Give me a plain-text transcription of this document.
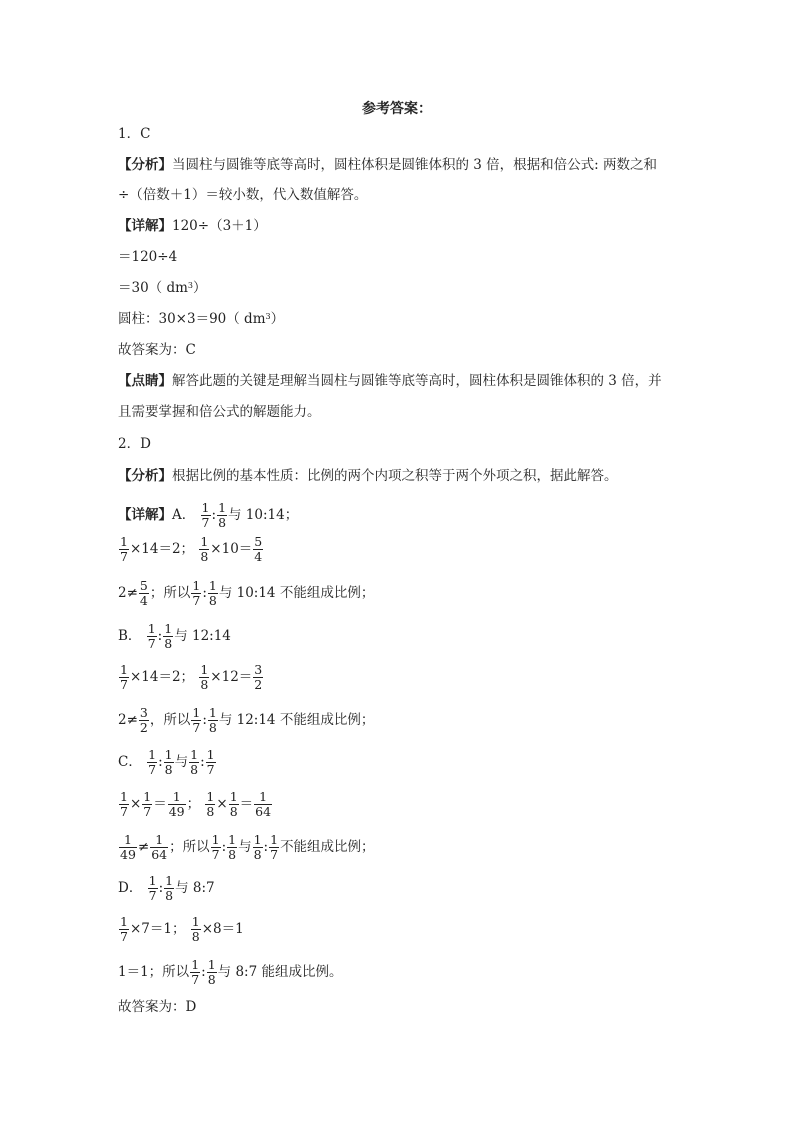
参考答案：
1．C
【分析】当圆柱与圆锥等底等高时，圆柱体积是圆锥体积的 3 倍，根据和倍公式: 两数之和
÷（倍数＋1）＝较小数，代入数值解答。
【详解】120÷（3＋1）
＝120÷4
＝30（ $dm^3$）
圆柱：30×3＝90（ $dm^3$）
故答案为：C
【点睛】解答此题的关键是理解当圆柱与圆锥等底等高时，圆柱体积是圆锥体积的 3 倍，并
且需要掌握和倍公式的解题能力。
2．D
【分析】根据比例的基本性质：比例的两个内项之积等于两个外项之积，据此解答。
【详解】A． $\frac{1}{7}$ : $\frac{1}{8}$ 与 10:14；
$\frac{1}{7} \times 14=2$； $\frac{1}{8} \times 10= \frac{5}{4}$
$2\ne \frac{5}{4}$ ；所以 $\frac{1}{7}$ : $\frac{1}{8}$ 与 10:14 不能组成比例；
B． $\frac{1}{7}$ : $\frac{1}{8}$ 与 12:14
$\frac{1}{7} \times 14=2$； $\frac{1}{8} \times 12= \frac{3}{2}$
$2\ne \frac{3}{2}$ ，所以 $\frac{1}{7}$ : $\frac{1}{8}$ 与 12:14 不能组成比例；
C． $\frac{1}{7}$ : $\frac{1}{8}$ 与 $\frac{1}{8}$ : $\frac{1}{7}$
$\frac{1}{7} \times \frac{1}{7} = \frac{1}{49}$ ； $\frac{1}{8} \times \frac{1}{8} = \frac{1}{64}$
$\frac{1}{49} \ne \frac{1}{64}$ ；所以 $\frac{1}{7}$ : $\frac{1}{8}$ 与 $\frac{1}{8}$ : $\frac{1}{7}$ 不能组成比例；
D． $\frac{1}{7}$ : $\frac{1}{8}$ 与 8:7
$\frac{1}{7} \times 7=1$； $\frac{1}{8} \times 8=1$
1＝1；所以 $\frac{1}{7}$ : $\frac{1}{8}$ 与 8:7 能组成比例。
故答案为：D
